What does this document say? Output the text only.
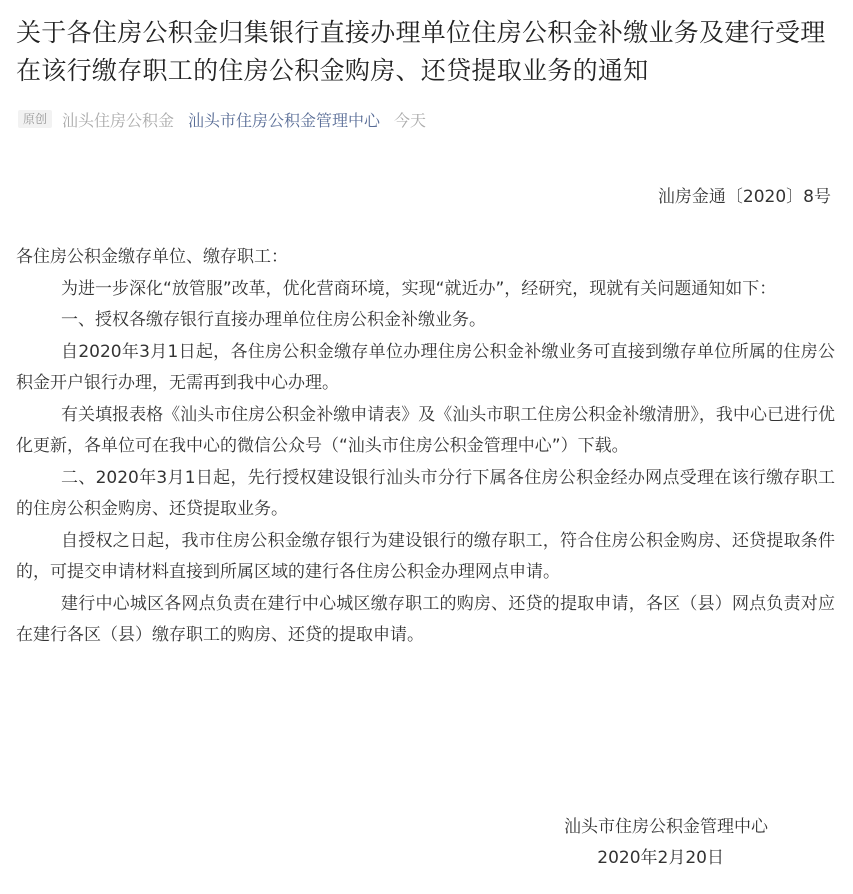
关于各住房公积金归集银行直接办理单位住房公积金补缴业务及建行受理在该行缴存职工的住房公积金购房、还贷提取业务的通知
原创 汕头住房公积金 汕头市住房公积金管理中心 今天
汕房金通〔2020〕8号

各住房公积金缴存单位、缴存职工：

为进一步深化“放管服”改革，优化营商环境，实现“就近办”，经研究，现就有关问题通知如下：

一、授权各缴存银行直接办理单位住房公积金补缴业务。

自2020年3月1日起，各住房公积金缴存单位办理住房公积金补缴业务可直接到缴存单位所属的住房公积金开户银行办理，无需再到我中心办理。

有关填报表格《汕头市住房公积金补缴申请表》及《汕头市职工住房公积金补缴清册》，我中心已进行优化更新，各单位可在我中心的微信公众号（“汕头市住房公积金管理中心”）下载。

二、2020年3月1日起，先行授权建设银行汕头市分行下属各住房公积金经办网点受理在该行缴存职工的住房公积金购房、还贷提取业务。

自授权之日起，我市住房公积金缴存银行为建设银行的缴存职工，符合住房公积金购房、还贷提取条件的，可提交申请材料直接到所属区域的建行各住房公积金办理网点申请。

建行中心城区各网点负责在建行中心城区缴存职工的购房、还贷的提取申请，各区（县）网点负责对应在建行各区（县）缴存职工的购房、还贷的提取申请。

汕头市住房公积金管理中心
2020年2月20日
